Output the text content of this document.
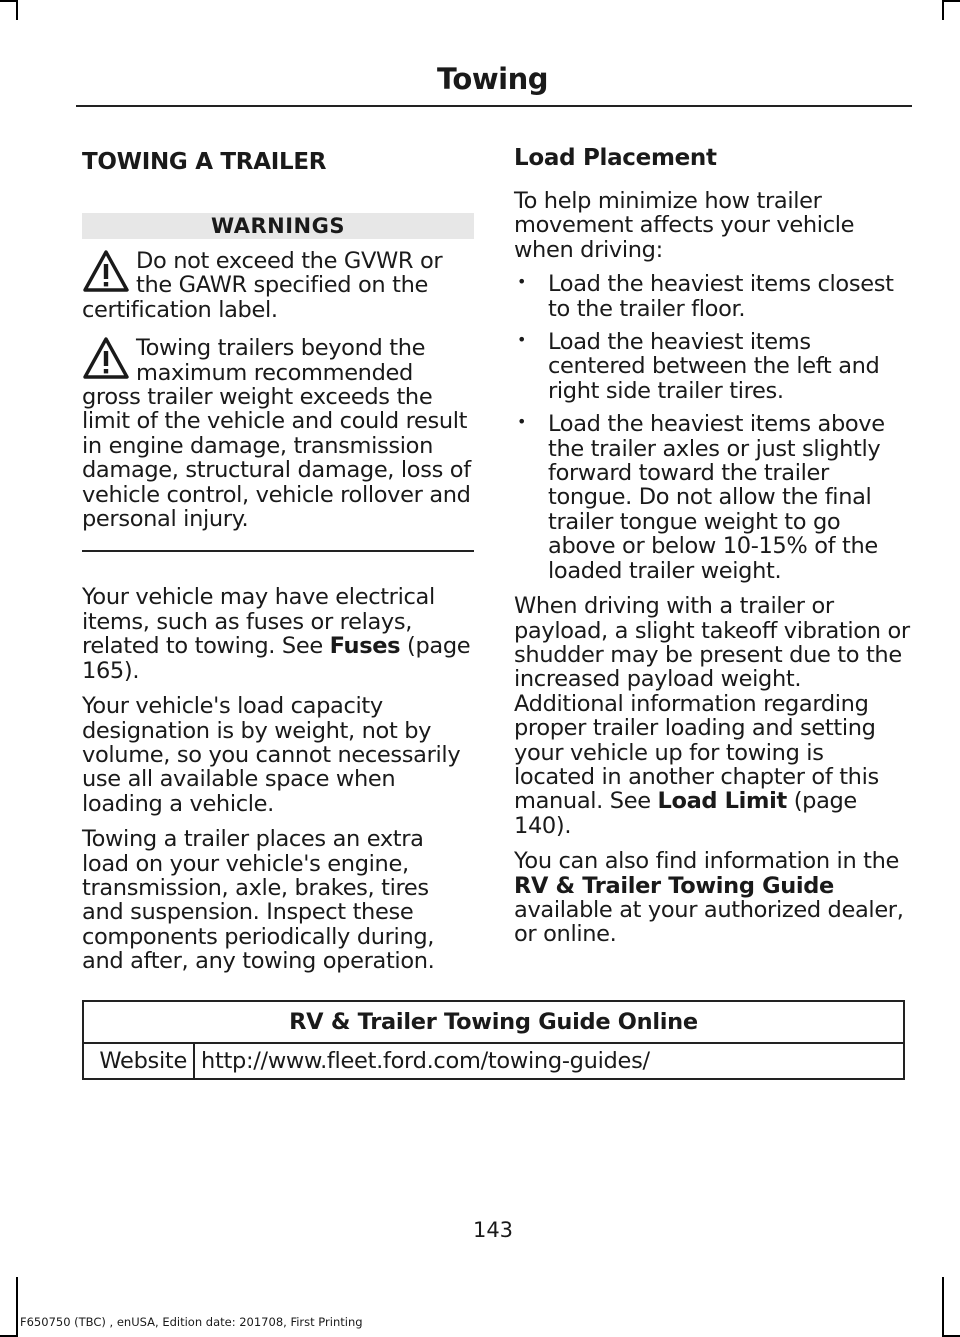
Towing
TOWING A TRAILER
WARNINGS

Do not exceed the GVWR or the GAWR specified on the certification label.

Towing trailers beyond the maximum recommended gross trailer weight exceeds the limit of the vehicle and could result in engine damage, transmission damage, structural damage, loss of vehicle control, vehicle rollover and personal injury.

Your vehicle may have electrical items, such as fuses or relays, related to towing. See Fuses (page 165).

Your vehicle's load capacity designation is by weight, not by volume, so you cannot necessarily use all available space when loading a vehicle.

Towing a trailer places an extra load on your vehicle's engine, transmission, axle, brakes, tires and suspension. Inspect these components periodically during, and after, any towing operation.

Load Placement

To help minimize how trailer movement affects your vehicle when driving:

• Load the heaviest items closest to the trailer floor.
• Load the heaviest items centered between the left and right side trailer tires.
• Load the heaviest items above the trailer axles or just slightly forward toward the trailer tongue. Do not allow the final trailer tongue weight to go above or below 10-15% of the loaded trailer weight.

When driving with a trailer or payload, a slight takeoff vibration or shudder may be present due to the increased payload weight. Additional information regarding proper trailer loading and setting your vehicle up for towing is located in another chapter of this manual. See Load Limit (page 140).

You can also find information in the RV & Trailer Towing Guide available at your authorized dealer, or online.

RV & Trailer Towing Guide Online
Website	http://www.fleet.ford.com/towing-guides/
143
F650750 (TBC) , enUSA, Edition date: 201708, First Printing
